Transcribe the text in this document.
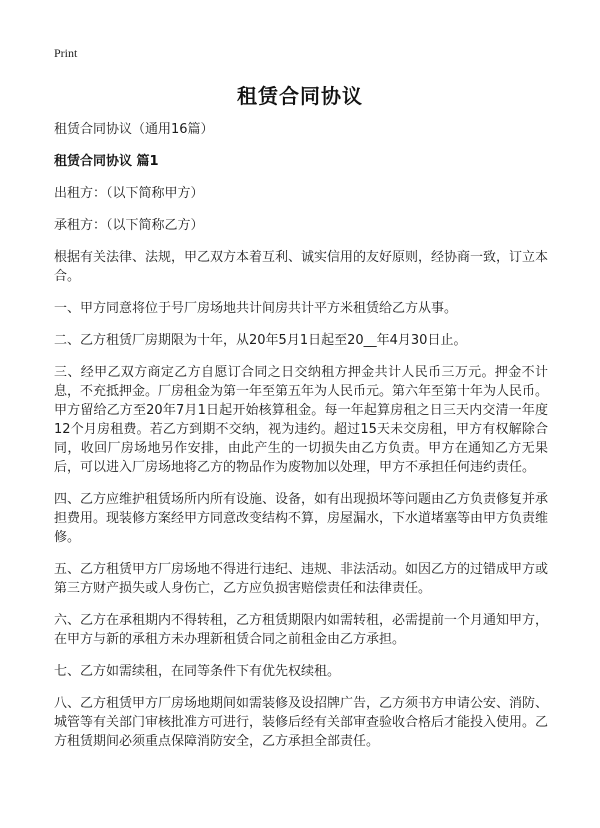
Print
租赁合同协议

租赁合同协议（通用16篇）

租赁合同协议 篇1

出租方：（以下简称甲方）

承租方：（以下简称乙方）

根据有关法律、法规，甲乙双方本着互利、诚实信用的友好原则，经协商一致，订立本合。

一、甲方同意将位于号厂房场地共计间房共计平方米租赁给乙方从事。

二、乙方租赁厂房期限为十年，从20年5月1日起至20__年4月30日止。

三、经甲乙双方商定乙方自愿订合同之日交纳租方押金共计人民币三万元。押金不计息，不充抵押金。厂房租金为第一年至第五年为人民币元。第六年至第十年为人民币。甲方留给乙方至20年7月1日起开始核算租金。每一年起算房租之日三天内交清一年度12个月房租费。若乙方到期不交纳，视为违约。超过15天未交房租，甲方有权解除合同，收回厂房场地另作安排，由此产生的一切损失由乙方负责。甲方在通知乙方无果后，可以进入厂房场地将乙方的物品作为废物加以处理，甲方不承担任何违约责任。

四、乙方应维护租赁场所内所有设施、设备，如有出现损坏等问题由乙方负责修复并承担费用。现装修方案经甲方同意改变结构不算，房屋漏水，下水道堵塞等由甲方负责维修。

五、乙方租赁甲方厂房场地不得进行违纪、违规、非法活动。如因乙方的过错成甲方或第三方财产损失或人身伤亡，乙方应负损害赔偿责任和法律责任。

六、乙方在承租期内不得转租，乙方租赁期限内如需转租，必需提前一个月通知甲方，在甲方与新的承租方未办理新租赁合同之前租金由乙方承担。

七、乙方如需续租，在同等条件下有优先权续租。

八、乙方租赁甲方厂房场地期间如需装修及设招牌广告，乙方须书方申请公安、消防、城管等有关部门审核批准方可进行，装修后经有关部审查验收合格后才能投入使用。乙方租赁期间必须重点保障消防安全，乙方承担全部责任。
